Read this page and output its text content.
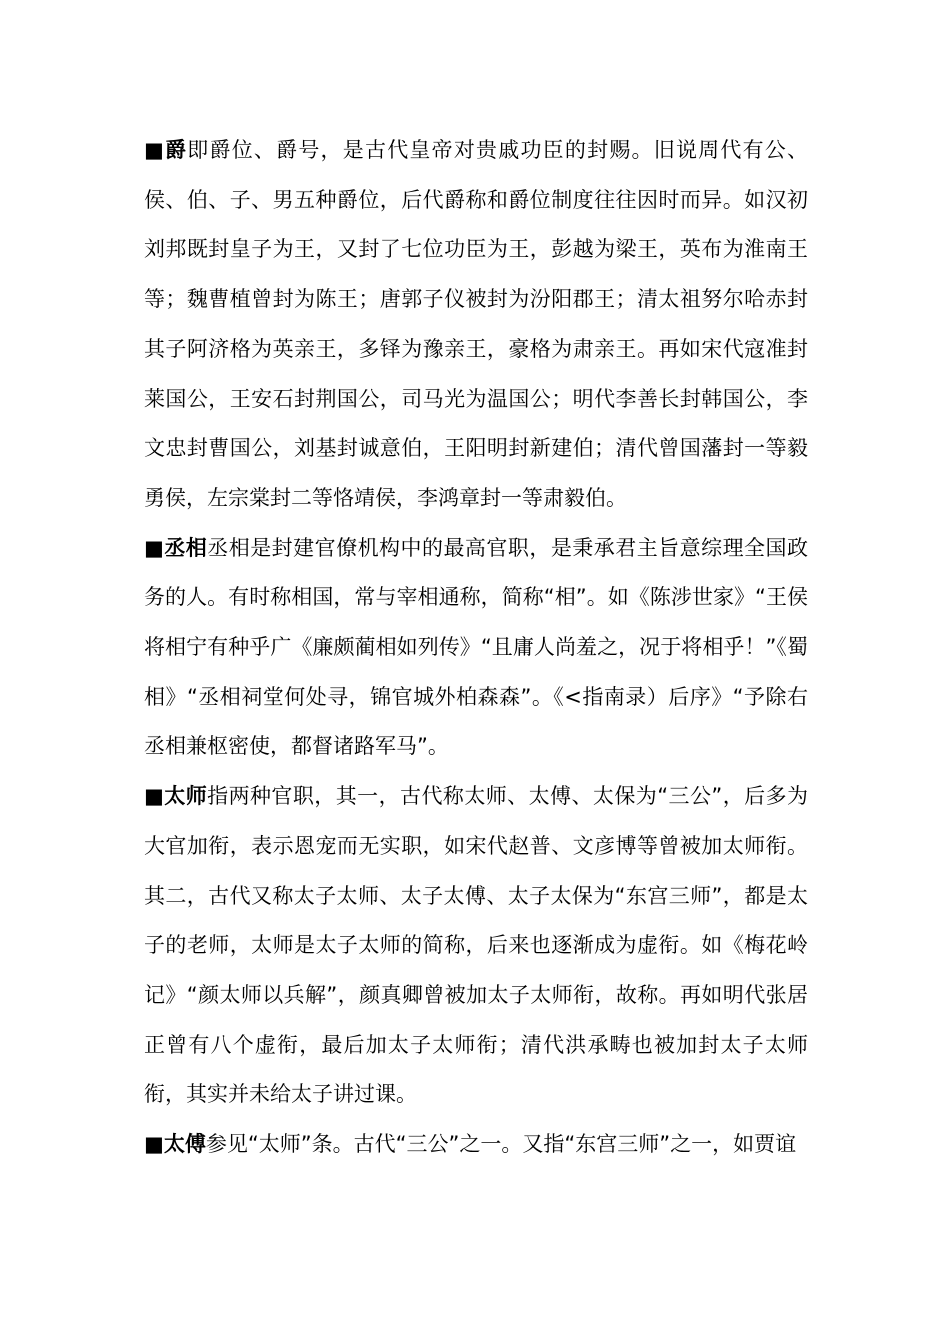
■爵即爵位、爵号，是古代皇帝对贵戚功臣的封赐。旧说周代有公、侯、伯、子、男五种爵位，后代爵称和爵位制度往往因时而异。如汉初刘邦既封皇子为王，又封了七位功臣为王，彭越为梁王，英布为淮南王等；魏曹植曾封为陈王；唐郭子仪被封为汾阳郡王；清太祖努尔哈赤封其子阿济格为英亲王，多铎为豫亲王，豪格为肃亲王。再如宋代寇准封莱国公，王安石封荆国公，司马光为温国公；明代李善长封韩国公，李文忠封曹国公，刘基封诚意伯，王阳明封新建伯；清代曾国藩封一等毅勇侯，左宗棠封二等恪靖侯，李鸿章封一等肃毅伯。

■丞相丞相是封建官僚机构中的最高官职，是秉承君主旨意综理全国政务的人。有时称相国，常与宰相通称，简称“相”。如《陈涉世家》“王侯将相宁有种乎广《廉颇蔺相如列传》“且庸人尚羞之，况于将相乎！”《蜀相》“丞相祠堂何处寻，锦官城外柏森森”。《<指南录）后序》“予除右丞相兼枢密使，都督诸路军马”。

■太师指两种官职，其一，古代称太师、太傅、太保为“三公”，后多为大官加衔，表示恩宠而无实职，如宋代赵普、文彦博等曾被加太师衔。其二，古代又称太子太师、太子太傅、太子太保为“东宫三师”，都是太子的老师，太师是太子太师的简称，后来也逐渐成为虚衔。如《梅花岭记》“颜太师以兵解”，颜真卿曾被加太子太师衔，故称。再如明代张居正曾有八个虚衔，最后加太子太师衔；清代洪承畴也被加封太子太师衔，其实并未给太子讲过课。

■太傅参见“太师”条。古代“三公”之一。又指“东宫三师”之一，如贾谊
